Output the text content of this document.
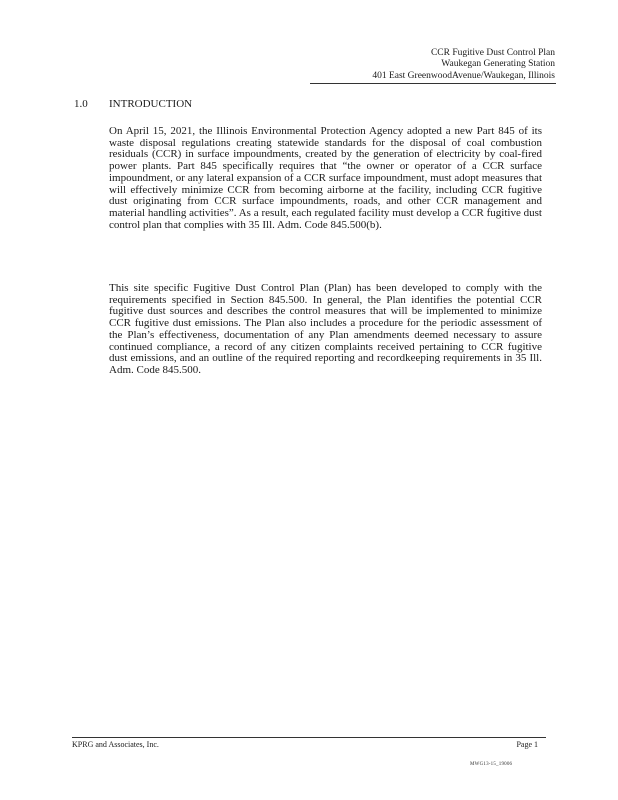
CCR Fugitive Dust Control Plan
Waukegan Generating Station
401 East GreenwoodAvenue/Waukegan, Illinois
1.0	INTRODUCTION

On April 15, 2021, the Illinois Environmental Protection Agency adopted a new Part 845 of its waste disposal regulations creating statewide standards for the disposal of coal combustion residuals (CCR) in surface impoundments, created by the generation of electricity by coal-fired power plants. Part 845 specifically requires that “the owner or operator of a CCR surface impoundment, or any lateral expansion of a CCR surface impoundment, must adopt measures that will effectively minimize CCR from becoming airborne at the facility, including CCR fugitive dust originating from CCR surface impoundments, roads, and other CCR management and material handling activities”. As a result, each regulated facility must develop a CCR fugitive dust control plan that complies with 35 Ill. Adm. Code 845.500(b).

This site specific Fugitive Dust Control Plan (Plan) has been developed to comply with the requirements specified in Section 845.500. In general, the Plan identifies the potential CCR fugitive dust sources and describes the control measures that will be implemented to minimize CCR fugitive dust emissions. The Plan also includes a procedure for the periodic assessment of the Plan’s effectiveness, documentation of any Plan amendments deemed necessary to assure continued compliance, a record of any citizen complaints received pertaining to CCR fugitive dust emissions, and an outline of the required reporting and recordkeeping requirements in 35 Ill. Adm. Code 845.500.

KPRG and Associates, Inc.	Page 1
MWG13-15_19006
